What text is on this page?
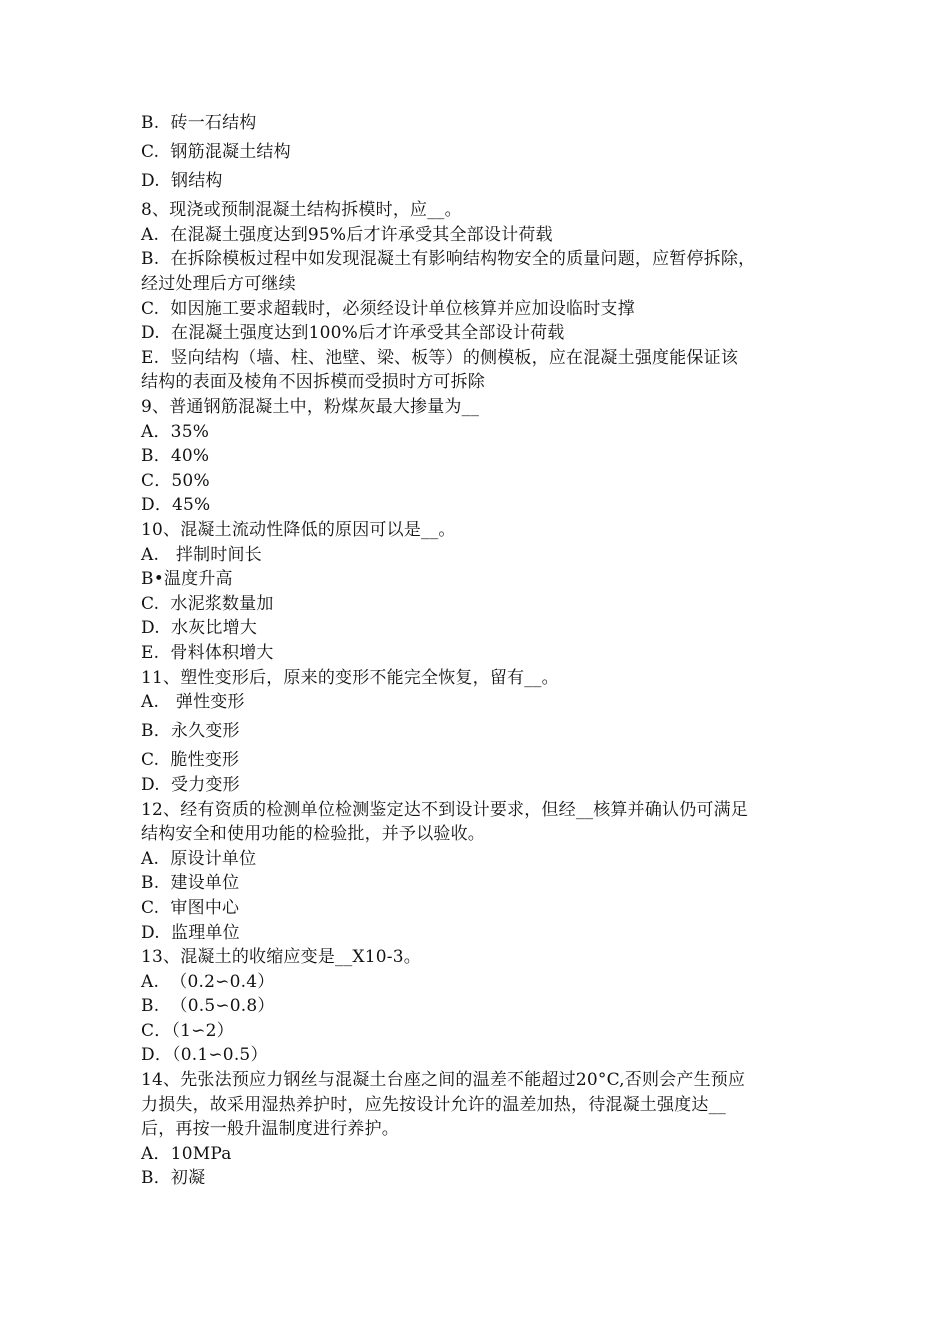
B.  砖一石结构
C.  钢筋混凝土结构
D.  钢结构
8、现浇或预制混凝土结构拆模时，应__。
A.  在混凝土强度达到95%后才许承受其全部设计荷载
B.  在拆除模板过程中如发现混凝土有影响结构物安全的质量问题，应暂停拆除，
经过处理后方可继续
C.  如因施工要求超载时，必须经设计单位核算并应加设临时支撑
D.  在混凝土强度达到100%后才许承受其全部设计荷载
E.  竖向结构（墙、柱、池壁、梁、板等）的侧模板，应在混凝土强度能保证该
结构的表面及棱角不因拆模而受损时方可拆除
9、普通钢筋混凝土中，粉煤灰最大掺量为__
A．35%
B．40%
C．50%
D．45%
10、混凝土流动性降低的原因可以是__。
A.   拌制时间长
B•温度升高
C.  水泥浆数量加
D.  水灰比增大
E.  骨料体积增大
11、塑性变形后，原来的变形不能完全恢复，留有__。
A.   弹性变形
B．永久变形
C.  脆性变形
D.  受力变形
12、经有资质的检测单位检测鉴定达不到设计要求，但经__核算并确认仍可满足
结构安全和使用功能的检验批，并予以验收。
A.  原设计单位
B.  建设单位
C.  审图中心
D.  监理单位
13、混凝土的收缩应变是__X10-3。
A.  （0.2∽0.4）
B.  （0.5∽0.8）
C．（1∽2）
D．（0.1∽0.5）
14、先张法预应力钢丝与混凝土台座之间的温差不能超过20°C,否则会产生预应
力损失，故采用湿热养护时，应先按设计允许的温差加热，待混凝土强度达__
后，再按一般升温制度进行养护。
A．10MPa
B．初凝
